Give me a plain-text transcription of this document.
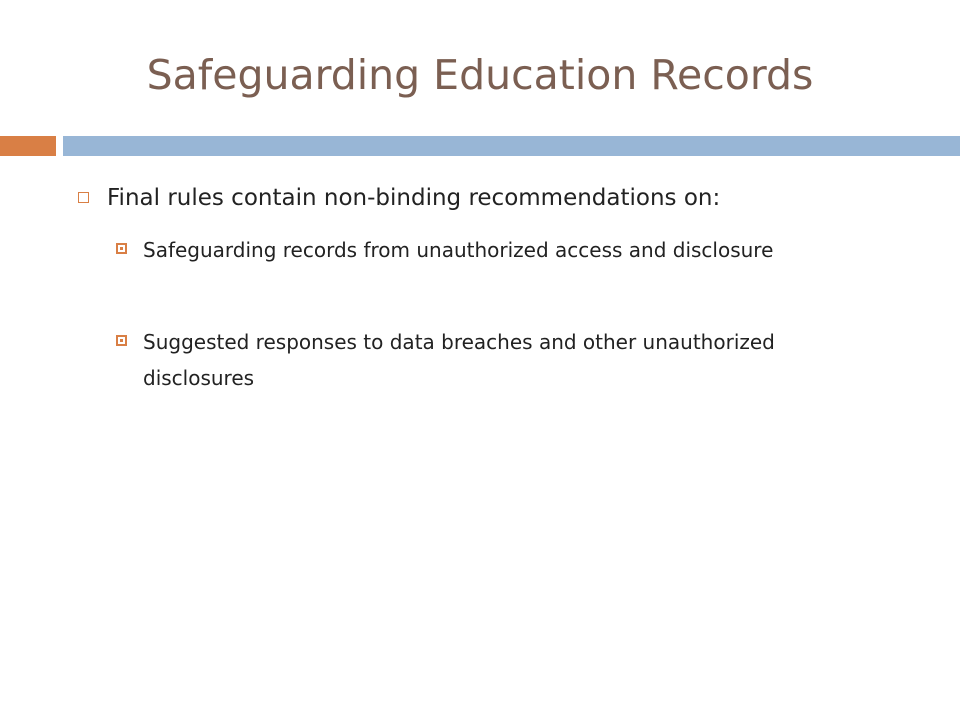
Safeguarding Education Records
Final rules contain non-binding recommendations on:
Safeguarding records from unauthorized access and disclosure
Suggested responses to data breaches and other unauthorized disclosures
